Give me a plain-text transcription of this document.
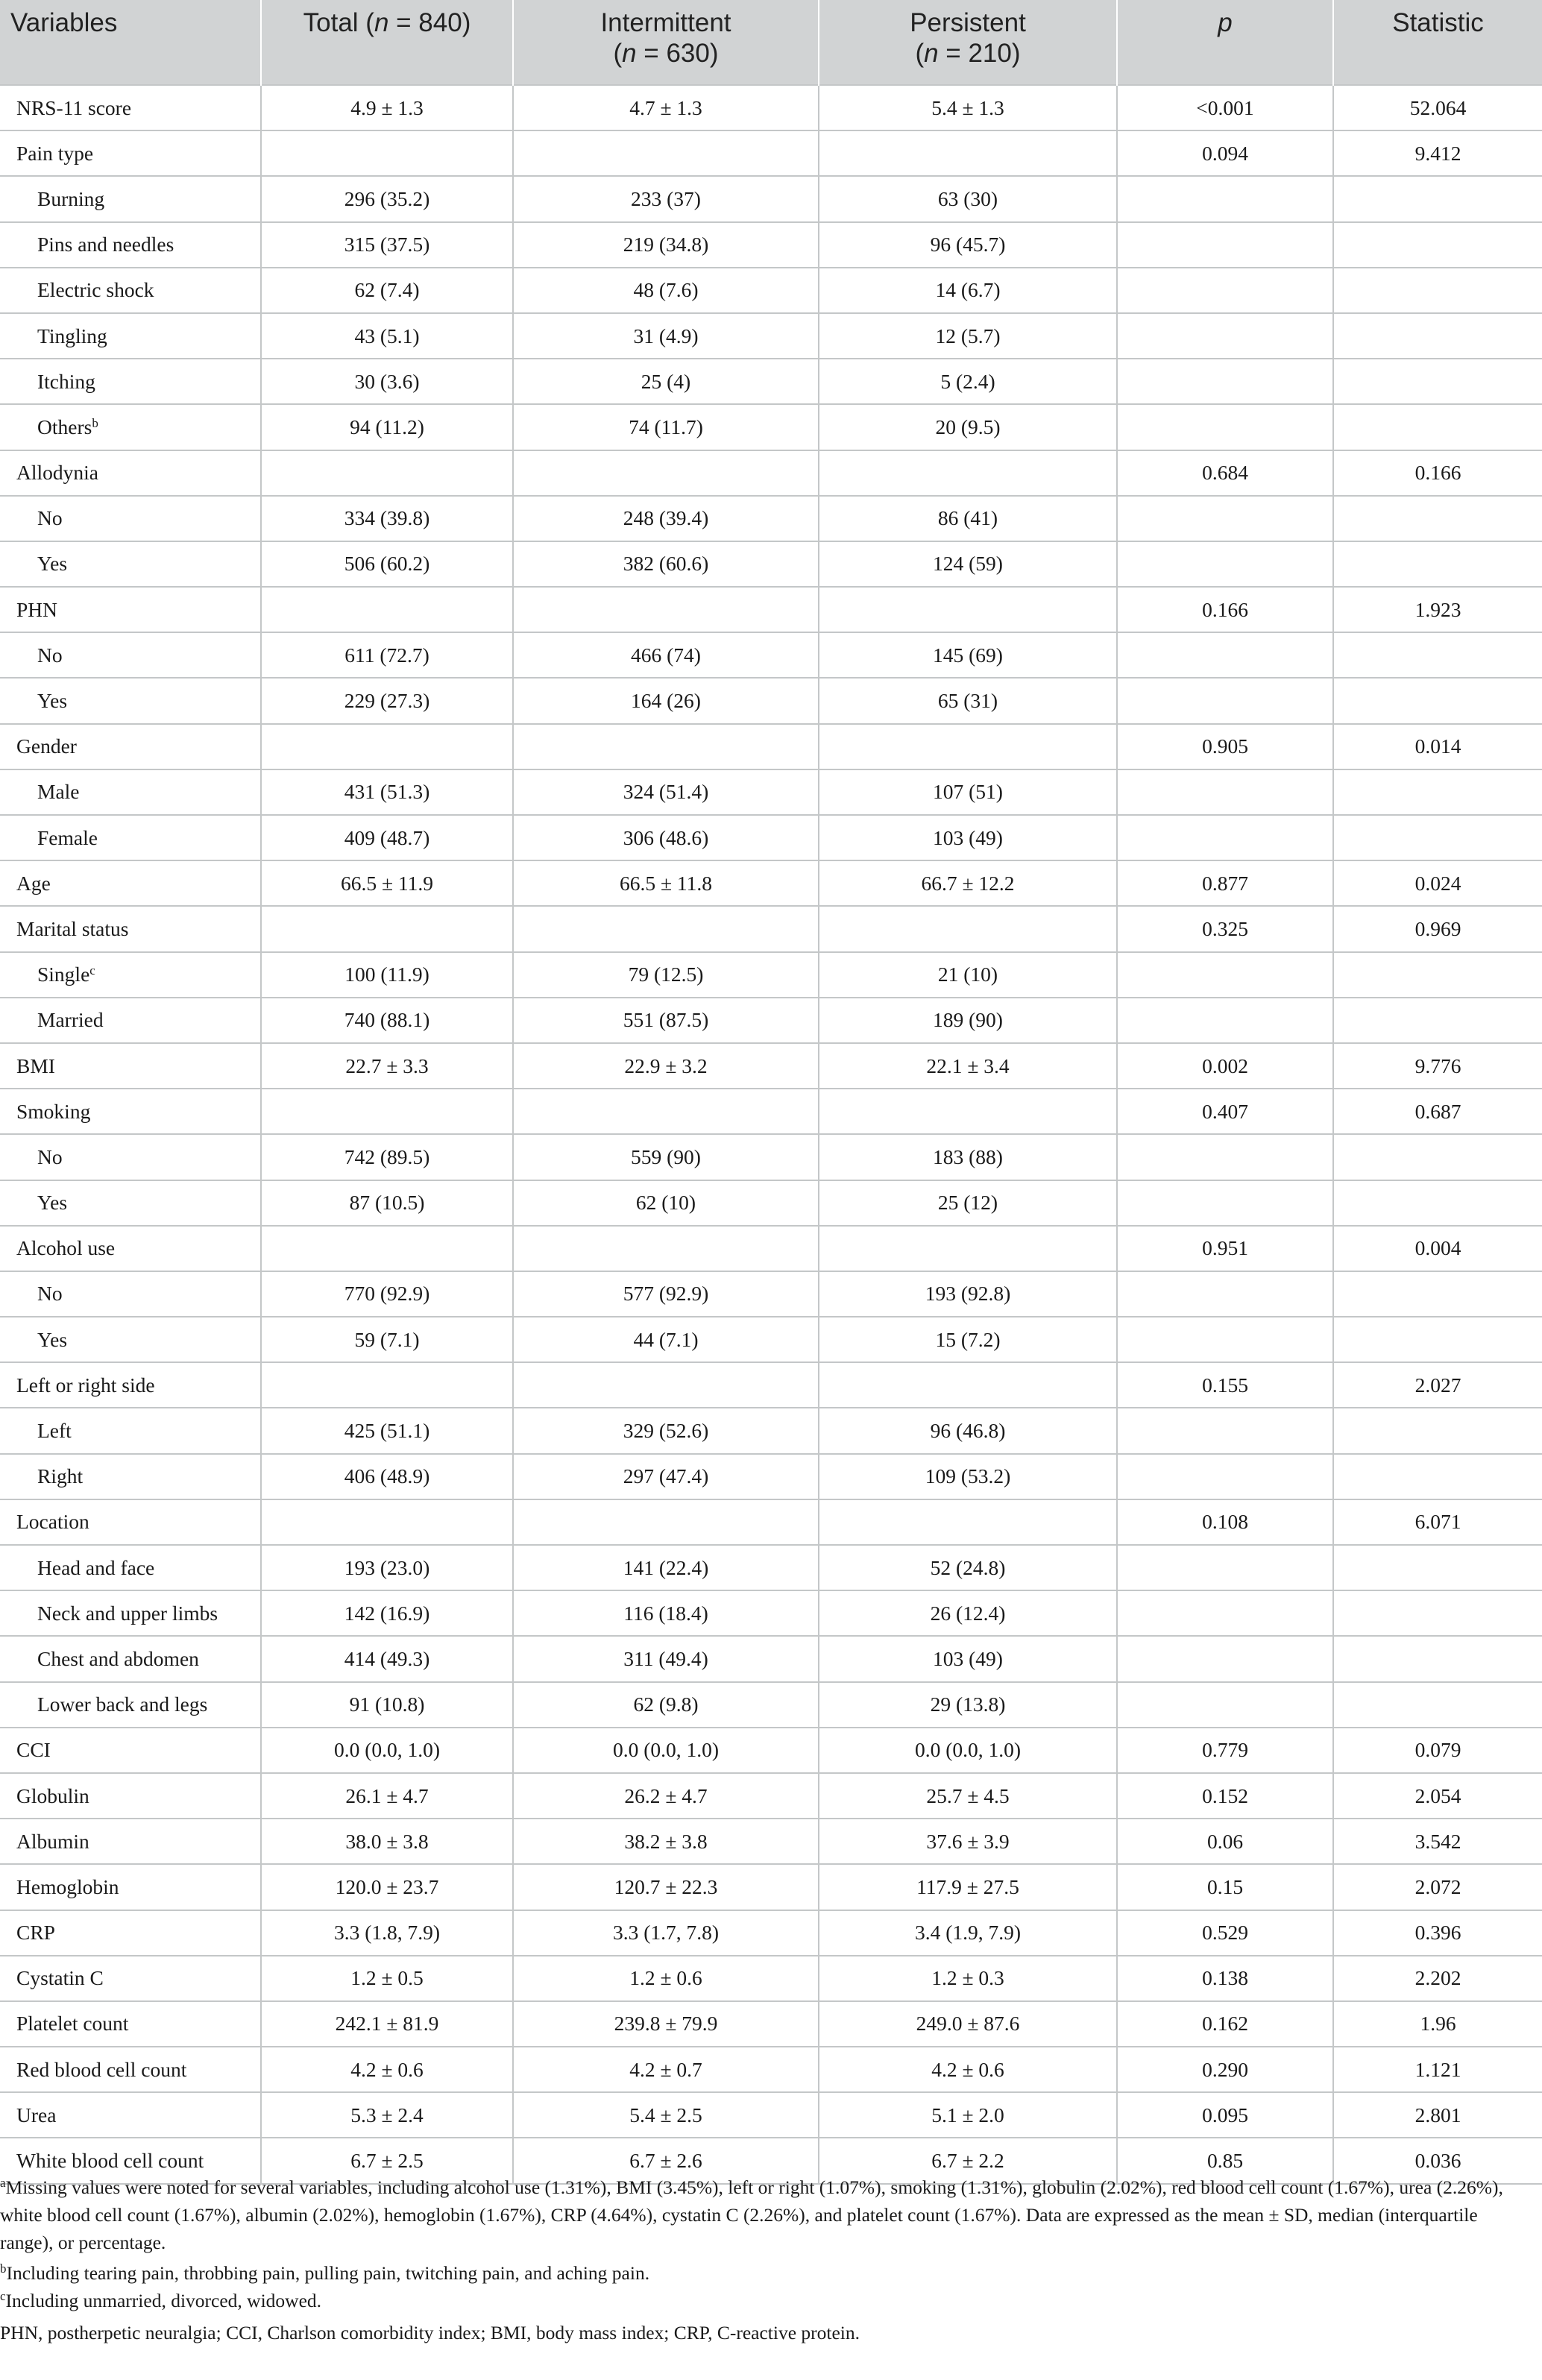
Variables	Total (n = 840)	Intermittent
(n = 630)	Persistent
(n = 210)	p	Statistic
NRS-11 score	4.9 ± 1.3	4.7 ± 1.3	5.4 ± 1.3	<0.001	52.064
Pain type				0.094	9.412
Burning	296 (35.2)	233 (37)	63 (30)		
Pins and needles	315 (37.5)	219 (34.8)	96 (45.7)		
Electric shock	62 (7.4)	48 (7.6)	14 (6.7)		
Tingling	43 (5.1)	31 (4.9)	12 (5.7)		
Itching	30 (3.6)	25 (4)	5 (2.4)		
Others$^b$	94 (11.2)	74 (11.7)	20 (9.5)		
Allodynia				0.684	0.166
No	334 (39.8)	248 (39.4)	86 (41)		
Yes	506 (60.2)	382 (60.6)	124 (59)		
PHN				0.166	1.923
No	611 (72.7)	466 (74)	145 (69)		
Yes	229 (27.3)	164 (26)	65 (31)		
Gender				0.905	0.014
Male	431 (51.3)	324 (51.4)	107 (51)		
Female	409 (48.7)	306 (48.6)	103 (49)		
Age	66.5 ± 11.9	66.5 ± 11.8	66.7 ± 12.2	0.877	0.024
Marital status				0.325	0.969
Single$^c$	100 (11.9)	79 (12.5)	21 (10)		
Married	740 (88.1)	551 (87.5)	189 (90)		
BMI	22.7 ± 3.3	22.9 ± 3.2	22.1 ± 3.4	0.002	9.776
Smoking				0.407	0.687
No	742 (89.5)	559 (90)	183 (88)		
Yes	87 (10.5)	62 (10)	25 (12)		
Alcohol use				0.951	0.004
No	770 (92.9)	577 (92.9)	193 (92.8)		
Yes	59 (7.1)	44 (7.1)	15 (7.2)		
Left or right side				0.155	2.027
Left	425 (51.1)	329 (52.6)	96 (46.8)		
Right	406 (48.9)	297 (47.4)	109 (53.2)		
Location				0.108	6.071
Head and face	193 (23.0)	141 (22.4)	52 (24.8)		
Neck and upper limbs	142 (16.9)	116 (18.4)	26 (12.4)		
Chest and abdomen	414 (49.3)	311 (49.4)	103 (49)		
Lower back and legs	91 (10.8)	62 (9.8)	29 (13.8)		
CCI	0.0 (0.0, 1.0)	0.0 (0.0, 1.0)	0.0 (0.0, 1.0)	0.779	0.079
Globulin	26.1 ± 4.7	26.2 ± 4.7	25.7 ± 4.5	0.152	2.054
Albumin	38.0 ± 3.8	38.2 ± 3.8	37.6 ± 3.9	0.06	3.542
Hemoglobin	120.0 ± 23.7	120.7 ± 22.3	117.9 ± 27.5	0.15	2.072
CRP	3.3 (1.8, 7.9)	3.3 (1.7, 7.8)	3.4 (1.9, 7.9)	0.529	0.396
Cystatin C	1.2 ± 0.5	1.2 ± 0.6	1.2 ± 0.3	0.138	2.202
Platelet count	242.1 ± 81.9	239.8 ± 79.9	249.0 ± 87.6	0.162	1.96
Red blood cell count	4.2 ± 0.6	4.2 ± 0.7	4.2 ± 0.6	0.290	1.121
Urea	5.3 ± 2.4	5.4 ± 2.5	5.1 ± 2.0	0.095	2.801
White blood cell count	6.7 ± 2.5	6.7 ± 2.6	6.7 ± 2.2	0.85	0.036
$^a$Missing values were noted for several variables, including alcohol use (1.31%), BMI (3.45%), left or right (1.07%), smoking (1.31%), globulin (2.02%), red blood cell count (1.67%), urea (2.26%), white blood cell count (1.67%), albumin (2.02%), hemoglobin (1.67%), CRP (4.64%), cystatin C (2.26%), and platelet count (1.67%). Data are expressed as the mean ± SD, median (interquartile range), or percentage.
$^b$Including tearing pain, throbbing pain, pulling pain, twitching pain, and aching pain.
$^c$Including unmarried, divorced, widowed.
PHN, postherpetic neuralgia; CCI, Charlson comorbidity index; BMI, body mass index; CRP, C-reactive protein.
